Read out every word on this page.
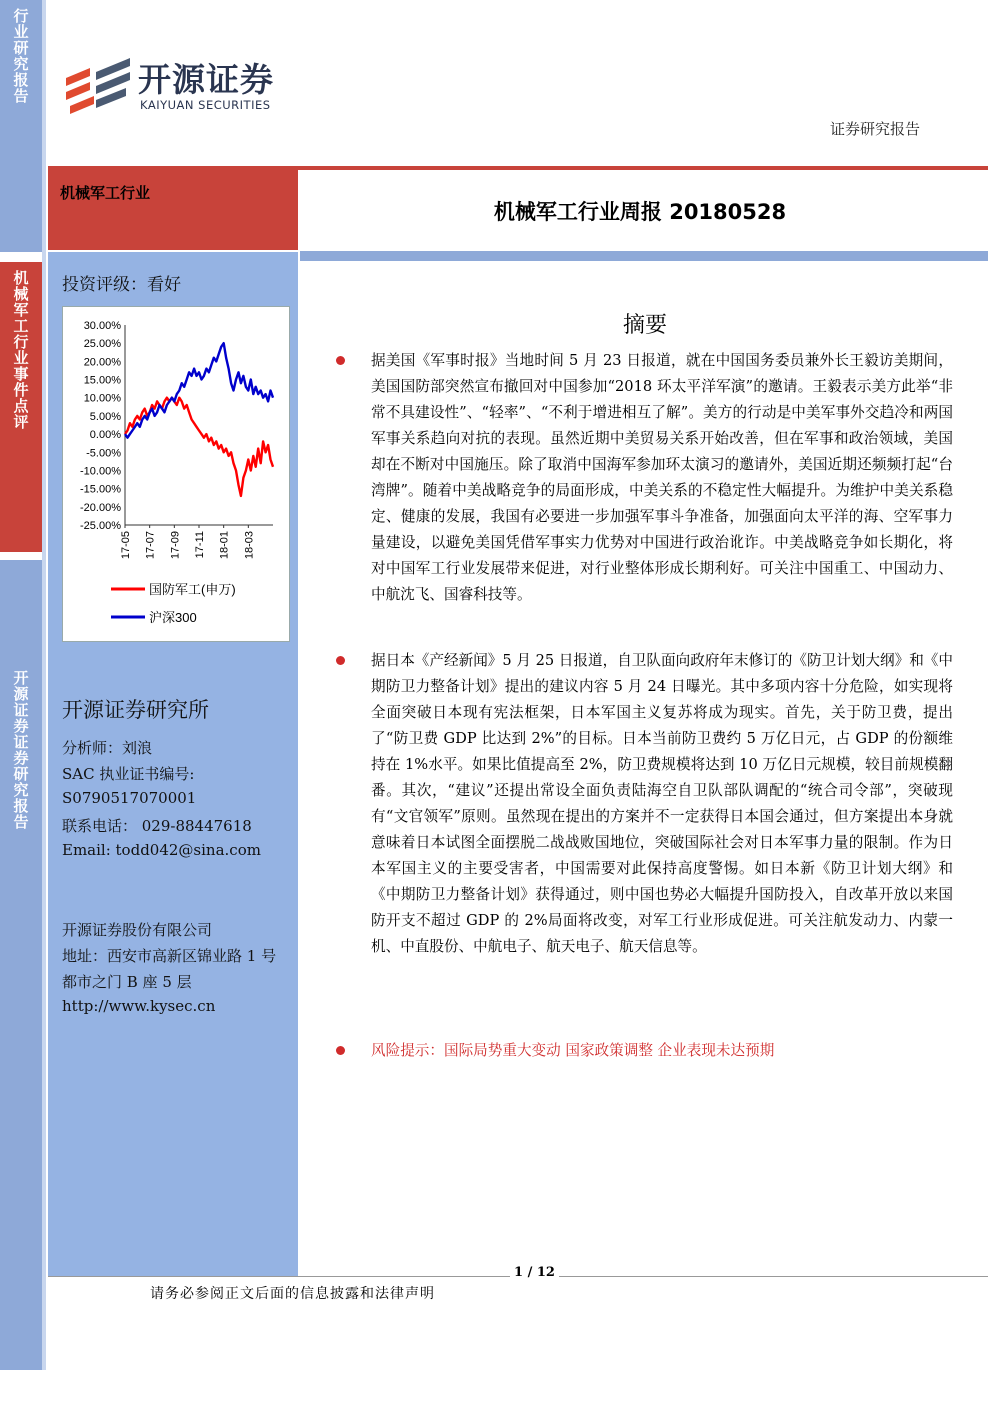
行业研究报告
机械军工行业事件点评
开源证券证券研究报告
开源证券
KAIYUAN SECURITIES
证券研究报告
机械军工行业
机械军工行业周报 20180528
投资评级：看好
30.00%
25.00%
20.00%
15.00%
10.00%
5.00%
0.00%
-5.00%
-10.00%
-15.00%
-20.00%
-25.00%
17-05 17-07 17-09 17-11 18-01 18-03
国防军工(申万)
沪深300
开源证券研究所
分析师：刘浪
SAC 执业证书编号:
S0790517070001
联系电话： 029-88447618
Email: todd042@sina.com
开源证券股份有限公司
地址：西安市高新区锦业路 1 号
都市之门 B 座 5 层
http://www.kysec.cn
摘要
据美国《军事时报》当地时间 5 月 23 日报道，就在中国国务委员兼外长王毅访美期间，美国国防部突然宣布撤回对中国参加“2018 环太平洋军演”的邀请。王毅表示美方此举“非常不具建设性”、“轻率”、“不利于增进相互了解”。美方的行动是中美军事外交趋冷和两国军事关系趋向对抗的表现。虽然近期中美贸易关系开始改善，但在军事和政治领域，美国却在不断对中国施压。除了取消中国海军参加环太演习的邀请外，美国近期还频频打起“台湾牌”。随着中美战略竞争的局面形成，中美关系的不稳定性大幅提升。为维护中美关系稳定、健康的发展，我国有必要进一步加强军事斗争准备，加强面向太平洋的海、空军事力量建设，以避免美国凭借军事实力优势对中国进行政治讹诈。中美战略竞争如长期化，将对中国军工行业发展带来促进，对行业整体形成长期利好。可关注中国重工、中国动力、中航沈飞、国睿科技等。
据日本《产经新闻》5 月 25 日报道，自卫队面向政府年末修订的《防卫计划大纲》和《中期防卫力整备计划》提出的建议内容 5 月 24 日曝光。其中多项内容十分危险，如实现将全面突破日本现有宪法框架，日本军国主义复苏将成为现实。首先，关于防卫费，提出了“防卫费 GDP 比达到 2%”的目标。日本当前防卫费约 5 万亿日元，占 GDP 的份额维持在 1%水平。如果比值提高至 2%，防卫费规模将达到 10 万亿日元规模，较目前规模翻番。其次，“建议”还提出常设全面负责陆海空自卫队部队调配的“统合司令部”，突破现有“文官领军”原则。虽然现在提出的方案并不一定获得日本国会通过，但方案提出本身就意味着日本试图全面摆脱二战战败国地位，突破国际社会对日本军事力量的限制。作为日本军国主义的主要受害者，中国需要对此保持高度警惕。如日本新《防卫计划大纲》和《中期防卫力整备计划》获得通过，则中国也势必大幅提升国防投入，自改革开放以来国防开支不超过 GDP 的 2%局面将改变，对军工行业形成促进。可关注航发动力、内蒙一机、中直股份、中航电子、航天电子、航天信息等。
风险提示：国际局势重大变动 国家政策调整 企业表现未达预期
1 / 12
请务必参阅正文后面的信息披露和法律声明
